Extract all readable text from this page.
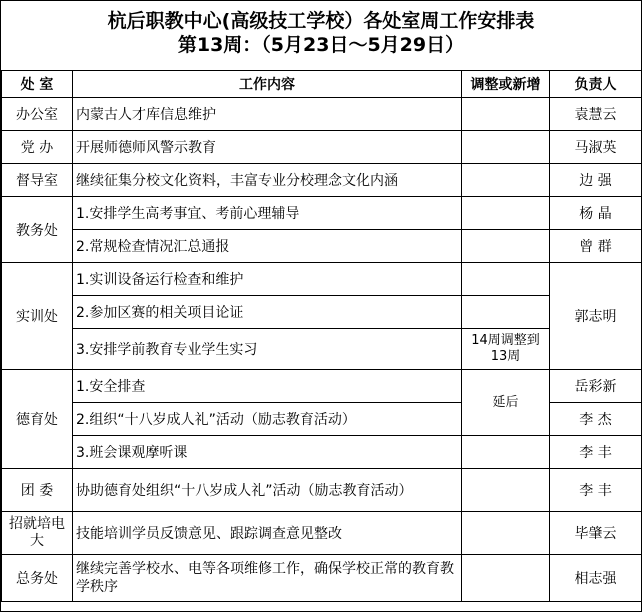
杭后职教中心(高级技工学校）各处室周工作安排表
第13周：（5月23日～5月29日）
处 室	工作内容	调整或新增	负责人
办公室	内蒙古人才库信息维护		袁慧云
党 办	开展师德师风警示教育		马淑英
督导室	继续征集分校文化资料，丰富专业分校理念文化内涵		边 强
教务处	1.安排学生高考事宜、考前心理辅导		杨 晶
	2.常规检查情况汇总通报		曾 群
实训处	1.实训设备运行检查和维护		郭志明
	2.参加区赛的相关项目论证		
	3.安排学前教育专业学生实习	14周调整到13周	
德育处	1.安全排查	延后	岳彩新
	2.组织“十八岁成人礼”活动（励志教育活动）		李 杰
	3.班会课观摩听课		李 丰
团 委	协助德育处组织“十八岁成人礼”活动（励志教育活动）		李 丰
招就培电 大	技能培训学员反馈意见、跟踪调查意见整改		毕肇云
总务处	继续完善学校水、电等各项维修工作，确保学校正常的教育教学秩序		相志强
